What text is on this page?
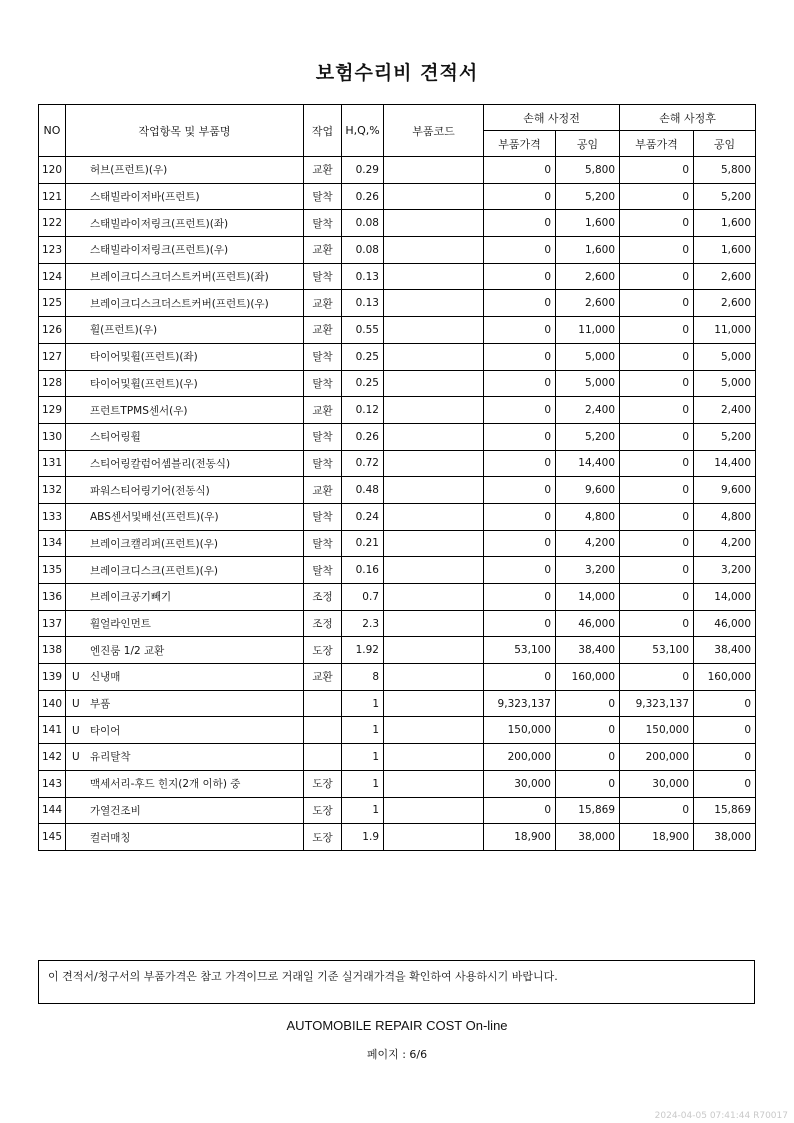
보험수리비 견적서
NO	작업항목 및 부품명	작업	H,Q,%	부품코드	손해 사정전		손해 사정후	
					부품가격	공임	부품가격	공임
120	허브(프런트)(우)	교환	0.29		0	5,800	0	5,800
121	스태빌라이저바(프런트)	탈착	0.26		0	5,200	0	5,200
122	스태빌라이저링크(프런트)(좌)	탈착	0.08		0	1,600	0	1,600
123	스태빌라이저링크(프런트)(우)	교환	0.08		0	1,600	0	1,600
124	브레이크디스크더스트커버(프런트)(좌)	탈착	0.13		0	2,600	0	2,600
125	브레이크디스크더스트커버(프런트)(우)	교환	0.13		0	2,600	0	2,600
126	휠(프런트)(우)	교환	0.55		0	11,000	0	11,000
127	타이어및휠(프런트)(좌)	탈착	0.25		0	5,000	0	5,000
128	타이어및휠(프런트)(우)	탈착	0.25		0	5,000	0	5,000
129	프런트TPMS센서(우)	교환	0.12		0	2,400	0	2,400
130	스티어링휠	탈착	0.26		0	5,200	0	5,200
131	스티어링칼럼어셈블리(전동식)	탈착	0.72		0	14,400	0	14,400
132	파워스티어링기어(전동식)	교환	0.48		0	9,600	0	9,600
133	ABS센서및배선(프런트)(우)	탈착	0.24		0	4,800	0	4,800
134	브레이크캘리퍼(프런트)(우)	탈착	0.21		0	4,200	0	4,200
135	브레이크디스크(프런트)(우)	탈착	0.16		0	3,200	0	3,200
136	브레이크공기빼기	조정	0.7		0	14,000	0	14,000
137	휠얼라인먼트	조정	2.3		0	46,000	0	46,000
138	엔진룸 1/2 교환	도장	1.92		53,100	38,400	53,100	38,400
139	U 신냉매	교환	8		0	160,000	0	160,000
140	U 부품		1		9,323,137	0	9,323,137	0
141	U 타이어		1		150,000	0	150,000	0
142	U 유리탈착		1		200,000	0	200,000	0
143	맥세서리-후드 힌지(2개 이하) 중	도장	1		30,000	0	30,000	0
144	가열건조비	도장	1		0	15,869	0	15,869
145	컬러매칭	도장	1.9		18,900	38,000	18,900	38,000
이 견적서/청구서의 부품가격은 참고 가격이므로 거래일 기준 실거래가격을 확인하여 사용하시기 바랍니다.
AUTOMOBILE REPAIR COST On-line
페이지 : 6/6
2024-04-05 07:41:44 R70017
